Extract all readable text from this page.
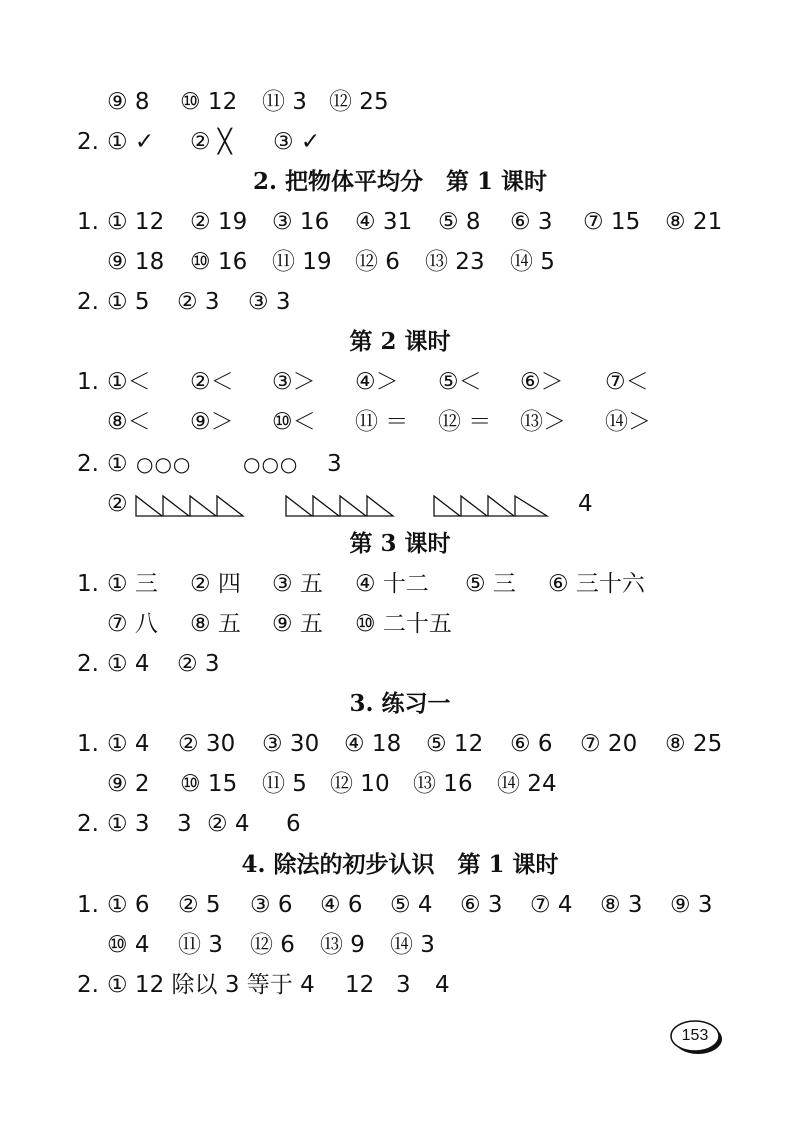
⑨ 8 ⑩ 12 ⑪ 3 ⑫ 25
2. ① ✓ ② ╳ ③ ✓
2. 把物体平均分　第 1 课时
1. ① 12 ② 19 ③ 16 ④ 31 ⑤ 8 ⑥ 3 ⑦ 15 ⑧ 21
⑨ 18 ⑩ 16 ⑪ 19 ⑫ 6 ⑬ 23 ⑭ 5
2. ① 5 ② 3 ③ 3
第 2 课时
1. ①＜ ②＜ ③＞ ④＞ ⑤＜ ⑥＞ ⑦＜
⑧＜ ⑨＞ ⑩＜ ⑪ ＝ ⑫ ＝ ⑬＞ ⑭＞
2. ① ○○○	○○○ 3
②	4
第 3 课时
1. ① 三 ② 四 ③ 五 ④ 十二 ⑤ 三 ⑥ 三十六
⑦ 八 ⑧ 五 ⑨ 五 ⑩ 二十五
2. ① 4 ② 3
3. 练习一
1. ① 4 ② 30 ③ 30 ④ 18 ⑤ 12 ⑥ 6 ⑦ 20 ⑧ 25
⑨ 2 ⑩ 15 ⑪ 5 ⑫ 10 ⑬ 16 ⑭ 24
2. ① 3 3 ② 4 6
4. 除法的初步认识　第 1 课时
1. ① 6 ② 5 ③ 6 ④ 6 ⑤ 4 ⑥ 3 ⑦ 4 ⑧ 3 ⑨ 3
⑩ 4 ⑪ 3 ⑫ 6 ⑬ 9 ⑭ 3
2. ① 12 除以 3 等于 4 12 3 4
153
